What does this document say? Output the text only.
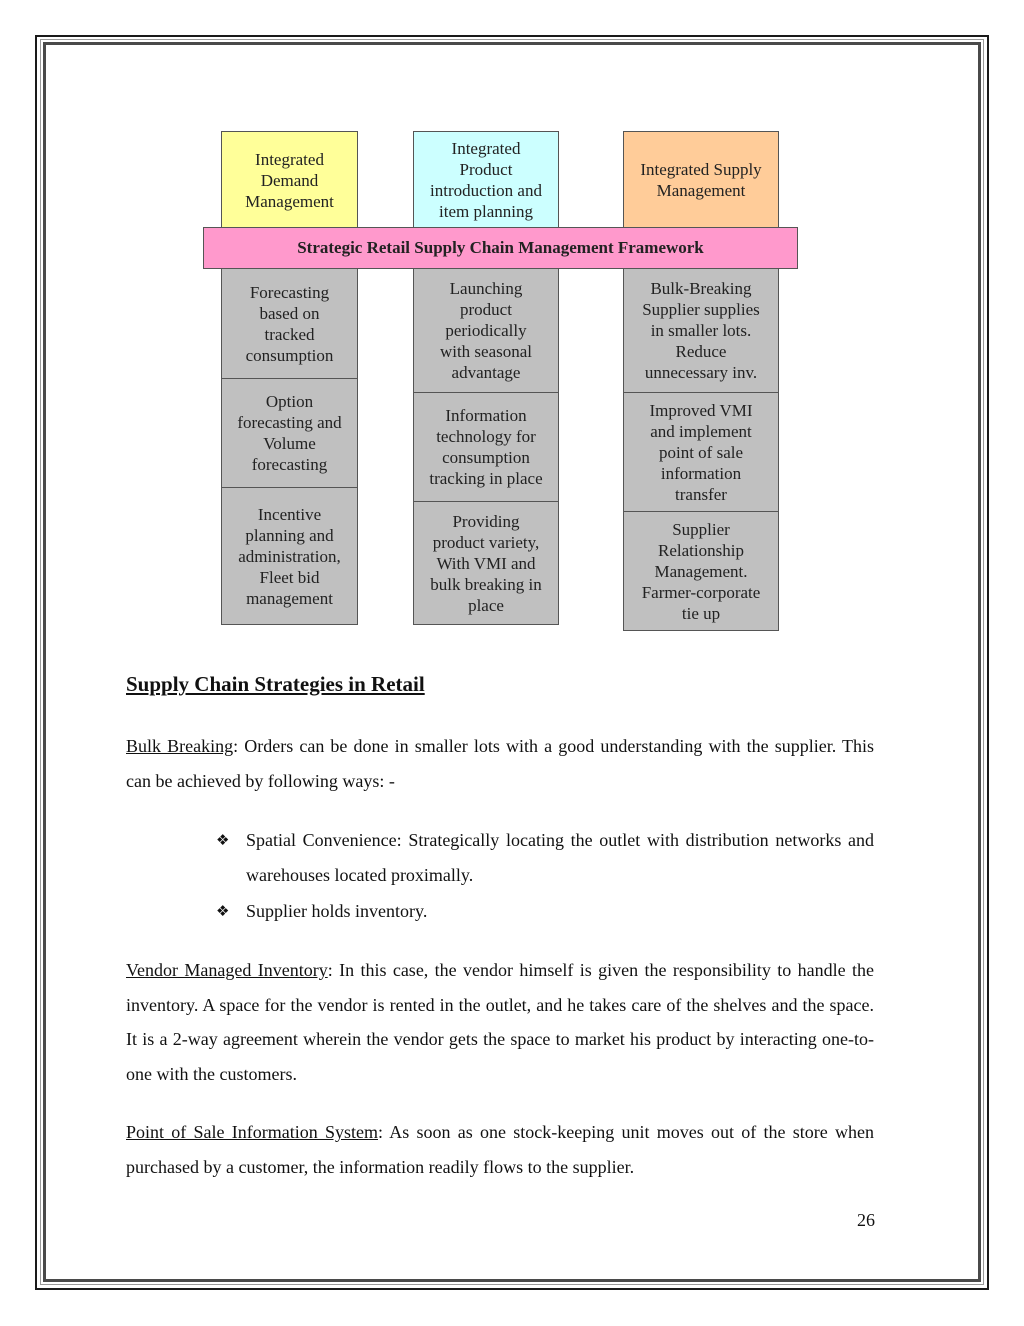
Integrated
Demand
Management
Forecasting
based on
tracked
consumption
Option
forecasting and
Volume
forecasting
Incentive
planning and
administration,
Fleet bid
management
Integrated
Product
introduction and
item planning
Launching
product
periodically
with seasonal
advantage
Information
technology for
consumption
tracking in place
Providing
product variety,
With VMI and
bulk breaking in
place
Integrated Supply
Management
Bulk-Breaking
Supplier supplies
in smaller lots.
Reduce
unnecessary inv.
Improved VMI
and implement
point of sale
information
transfer
Supplier
Relationship
Management.
Farmer-corporate
tie up
Strategic Retail Supply Chain Management Framework
Supply Chain Strategies in Retail

Bulk Breaking: Orders can be done in smaller lots with a good understanding with the supplier. This can be achieved by following ways: -

❖ Spatial Convenience: Strategically locating the outlet with distribution networks and warehouses located proximally.
❖ Supplier holds inventory.

Vendor Managed Inventory: In this case, the vendor himself is given the responsibility to handle the inventory. A space for the vendor is rented in the outlet, and he takes care of the shelves and the space. It is a 2-way agreement wherein the vendor gets the space to market his product by interacting one-to-one with the customers.

Point of Sale Information System: As soon as one stock-keeping unit moves out of the store when purchased by a customer, the information readily flows to the supplier.

26
